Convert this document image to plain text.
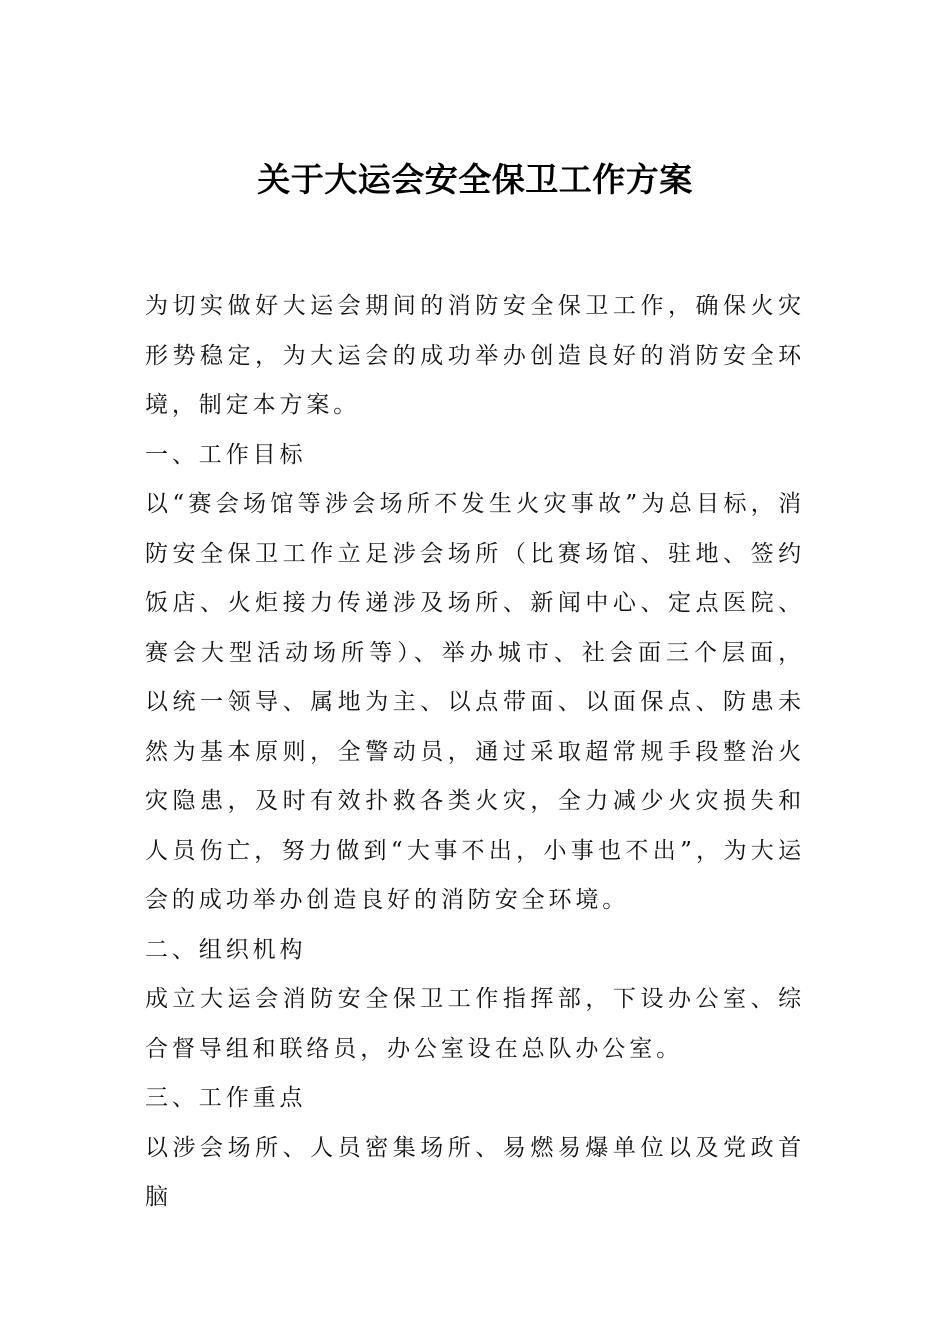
关于大运会安全保卫工作方案

为切实做好大运会期间的消防安全保卫工作，确保火灾形势稳定，为大运会的成功举办创造良好的消防安全环境，制定本方案。

一、工作目标

以“赛会场馆等涉会场所不发生火灾事故”为总目标，消防安全保卫工作立足涉会场所（比赛场馆、驻地、签约饭店、火炬接力传递涉及场所、新闻中心、定点医院、赛会大型活动场所等）、举办城市、社会面三个层面，以统一领导、属地为主、以点带面、以面保点、防患未然为基本原则，全警动员，通过采取超常规手段整治火灾隐患，及时有效扑救各类火灾，全力减少火灾损失和人员伤亡，努力做到“大事不出，小事也不出”，为大运会的成功举办创造良好的消防安全环境。

二、组织机构

成立大运会消防安全保卫工作指挥部，下设办公室、综合督导组和联络员，办公室设在总队办公室。

三、工作重点

以涉会场所、人员密集场所、易燃易爆单位以及党政首脑
